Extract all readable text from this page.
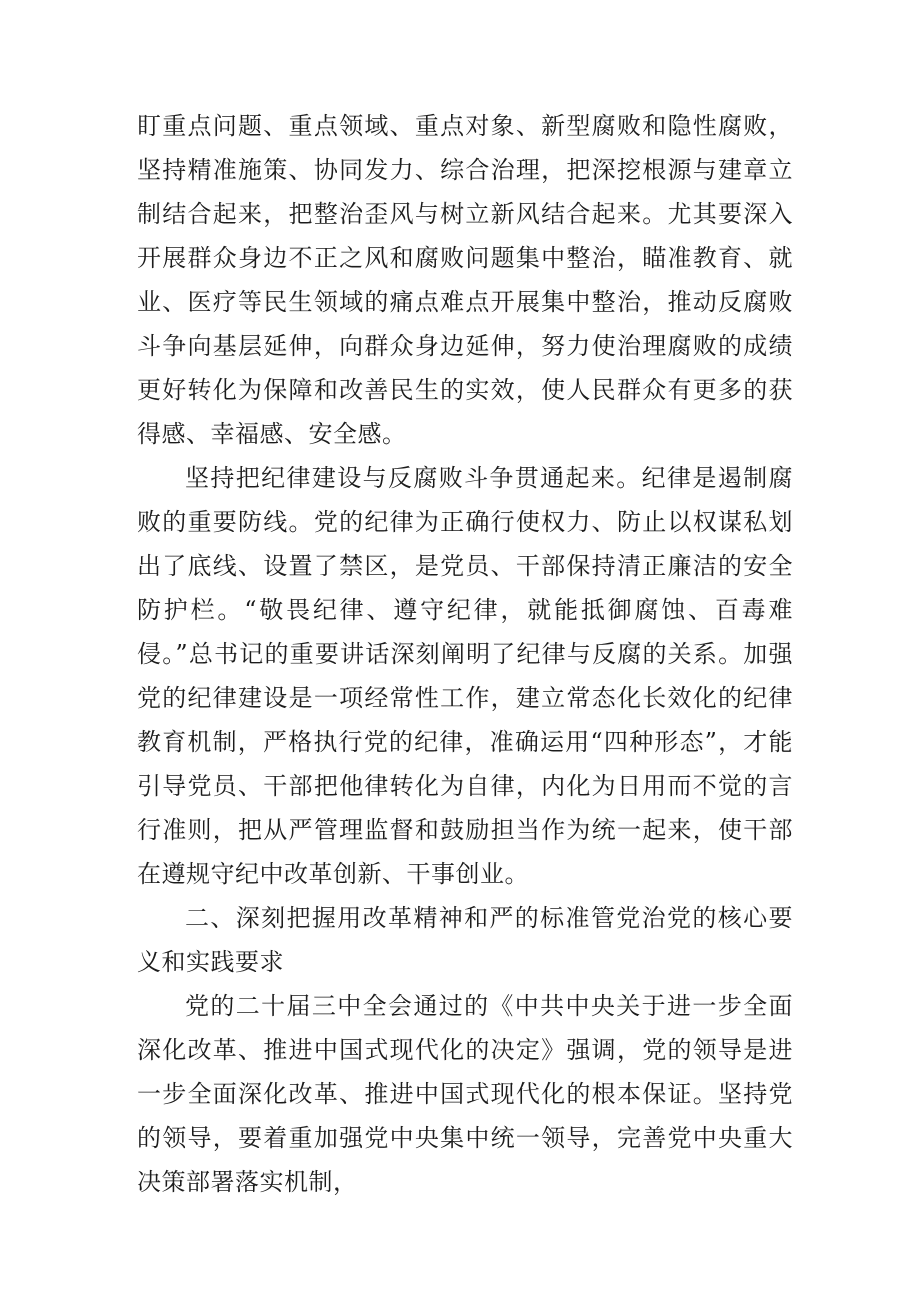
盯重点问题、重点领域、重点对象、新型腐败和隐性腐败，坚持精准施策、协同发力、综合治理，把深挖根源与建章立制结合起来，把整治歪风与树立新风结合起来。尤其要深入开展群众身边不正之风和腐败问题集中整治，瞄准教育、就业、医疗等民生领域的痛点难点开展集中整治，推动反腐败斗争向基层延伸，向群众身边延伸，努力使治理腐败的成绩更好转化为保障和改善民生的实效，使人民群众有更多的获得感、幸福感、安全感。

坚持把纪律建设与反腐败斗争贯通起来。纪律是遏制腐败的重要防线。党的纪律为正确行使权力、防止以权谋私划出了底线、设置了禁区，是党员、干部保持清正廉洁的安全防护栏。“敬畏纪律、遵守纪律，就能抵御腐蚀、百毒难侵。”总书记的重要讲话深刻阐明了纪律与反腐的关系。加强党的纪律建设是一项经常性工作，建立常态化长效化的纪律教育机制，严格执行党的纪律，准确运用“四种形态”，才能引导党员、干部把他律转化为自律，内化为日用而不觉的言行准则，把从严管理监督和鼓励担当作为统一起来，使干部在遵规守纪中改革创新、干事创业。

二、深刻把握用改革精神和严的标准管党治党的核心要义和实践要求

党的二十届三中全会通过的《中共中央关于进一步全面深化改革、推进中国式现代化的决定》强调，党的领导是进一步全面深化改革、推进中国式现代化的根本保证。坚持党的领导，要着重加强党中央集中统一领导，完善党中央重大决策部署落实机制，
